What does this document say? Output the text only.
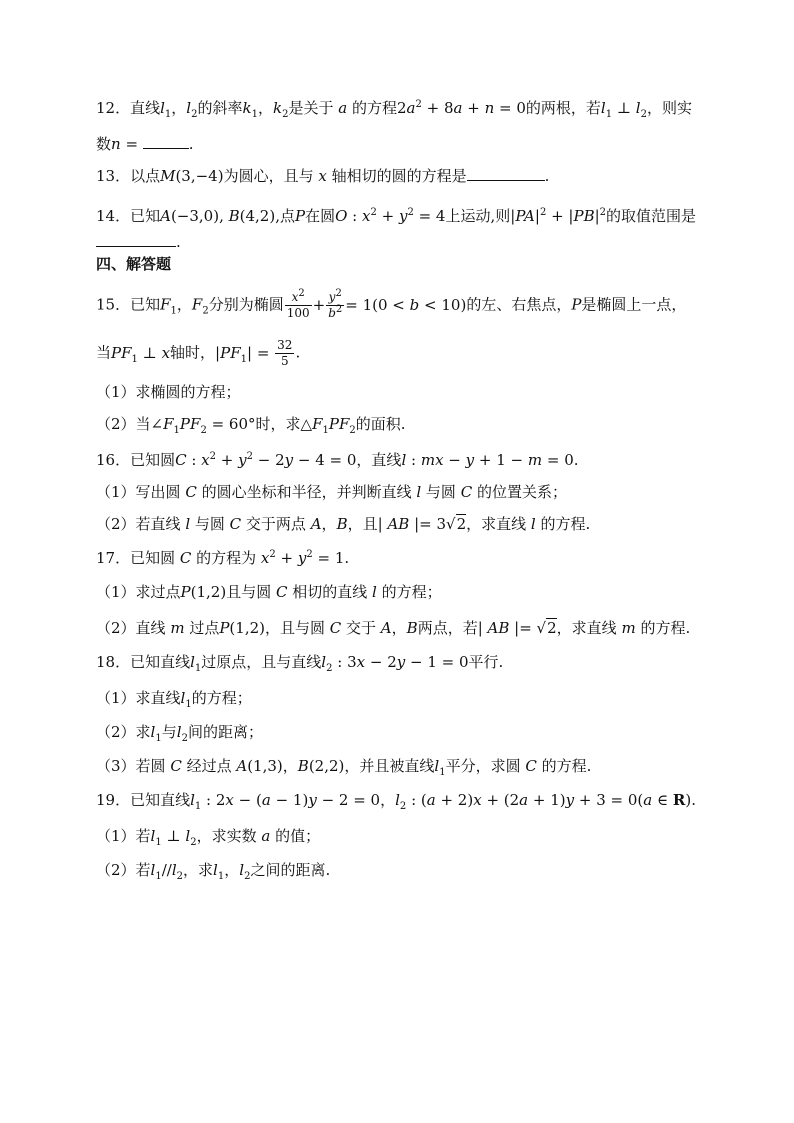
12．直线$l_1$，$l_2$的斜率$k_1$，$k_2$是关于 a 的方程$2a^2 + 8a + n = 0$的两根，若$l_1$ ⊥ $l_2$，则实
数n =	.
13．以点M(3,−4)为圆心，且与 x 轴相切的圆的方程是	.
14．已知A(−3,0), B(4,2),点P在圆O : $x^2 + y^2 = 4$上运动,则$|PA|^2 + |PB|^2$的取值范围是
.
四、解答题
15．已知$F_1$，$F_2$分别为椭圆 $\frac{x^2}{100} + \frac{y^2}{b^2} = 1(0 < b < 10)$的左、右焦点，P是椭圆上一点，
当$PF_1$ ⊥ x轴时，$|PF_1| = \frac{32}{5}$ .
（1）求椭圆的方程；
（2）当$\angle F_1PF_2 = 60^\circ$时，求$\triangle F_1PF_2$的面积.
16．已知圆C : $x^2 + y^2 - 2y - 4 = 0$，直线l : mx − y + 1 − m = 0.
（1）写出圆 C 的圆心坐标和半径，并判断直线 l 与圆 C 的位置关系；
（2）若直线 l 与圆 C 交于两点 A，B，且| AB |= 3√2，求直线 l 的方程.
17．已知圆 C 的方程为 $x^2 + y^2 = 1$.
（1）求过点P(1,2)且与圆 C 相切的直线 l 的方程；
（2）直线 m 过点P(1,2)，且与圆 C 交于 A，B两点，若| AB |= √2，求直线 m 的方程.
18．已知直线$l_1$过原点，且与直线$l_2$ : 3x − 2y − 1 = 0平行.
（1）求直线$l_1$的方程；
（2）求$l_1$与$l_2$间的距离；
（3）若圆 C 经过点 A(1,3)，B(2,2)，并且被直线$l_1$平分，求圆 C 的方程.
19．已知直线$l_1$ : 2x − (a − 1)y − 2 = 0，$l_2$ : (a + 2)x + (2a + 1)y + 3 = 0(a ∈ R).
（1）若$l_1$ ⊥ $l_2$，求实数 a 的值；
（2）若$l_1//l_2$，求$l_1$，$l_2$之间的距离.
